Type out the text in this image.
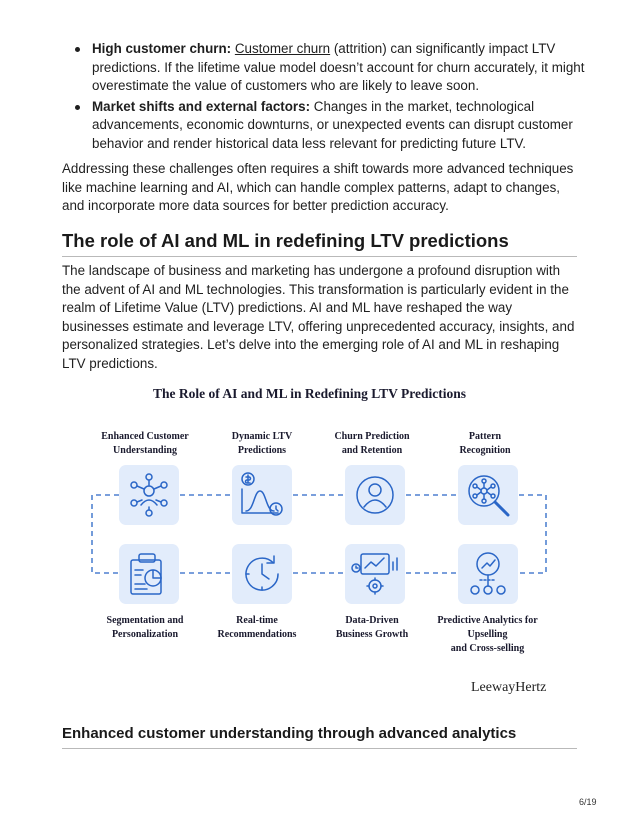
High customer churn: Customer churn (attrition) can significantly impact LTV predictions. If the lifetime value model doesn’t account for churn accurately, it might overestimate the value of customers who are likely to leave soon.
Market shifts and external factors: Changes in the market, technological advancements, economic downturns, or unexpected events can disrupt customer behavior and render historical data less relevant for predicting future LTV.

Addressing these challenges often requires a shift towards more advanced techniques like machine learning and AI, which can handle complex patterns, adapt to changes, and incorporate more data sources for better prediction accuracy.

The role of AI and ML in redefining LTV predictions

The landscape of business and marketing has undergone a profound disruption with the advent of AI and ML technologies. This transformation is particularly evident in the realm of Lifetime Value (LTV) predictions. AI and ML have reshaped the way businesses estimate and leverage LTV, offering unprecedented accuracy, insights, and personalized strategies. Let’s delve into the emerging role of AI and ML in reshaping LTV predictions.

The Role of AI and ML in Redefining LTV Predictions
Enhanced Customer
Understanding
Dynamic LTV
Predictions
Churn Prediction
and Retention
Pattern
Recognition
Segmentation and
Personalization
Real-time
Recommendations
Data-Driven
Business Growth
Predictive Analytics for
Upselling
and Cross-selling
LeewayHertz
Enhanced customer understanding through advanced analytics
6/19
